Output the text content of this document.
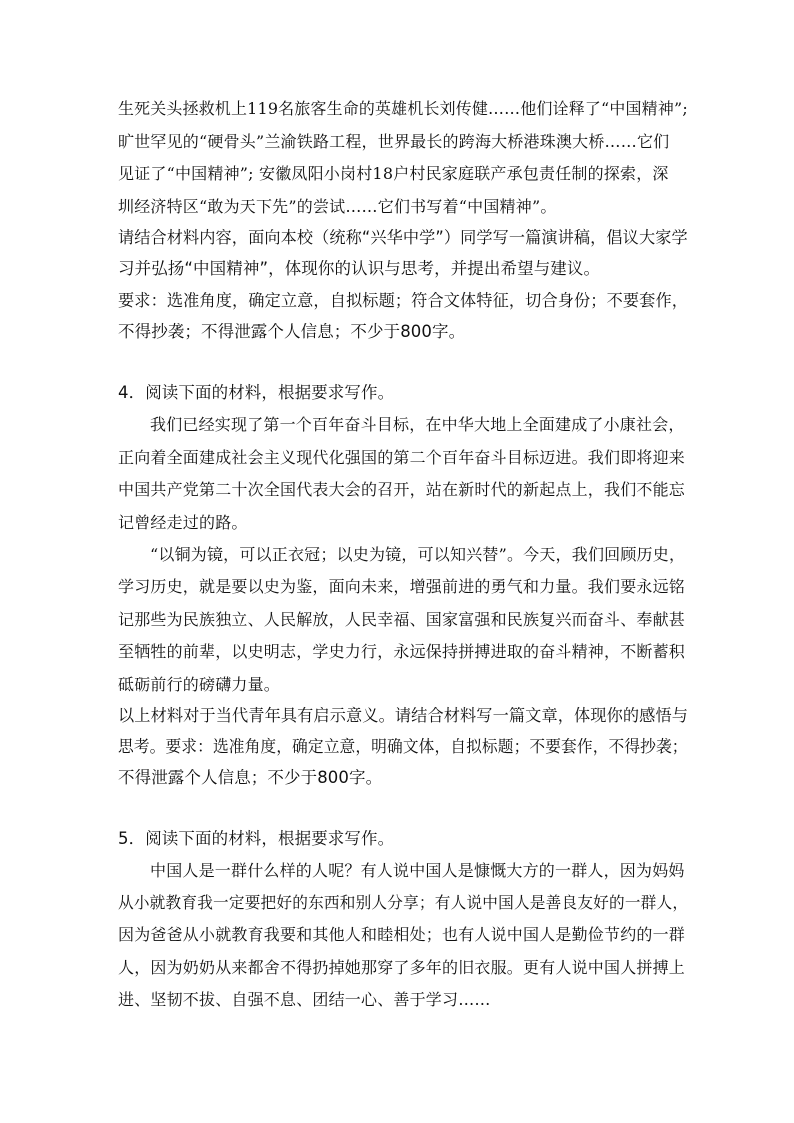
生死关头拯救机上119名旅客生命的英雄机长刘传健……他们诠释了“中国精神”;
旷世罕见的“硬骨头”兰渝铁路工程，世界最长的跨海大桥港珠澳大桥……它们
见证了“中国精神”; 安徽凤阳小岗村18户村民家庭联产承包责任制的探索，深
圳经济特区“敢为天下先”的尝试……它们书写着“中国精神”。
请结合材料内容，面向本校（统称“兴华中学”）同学写一篇演讲稿，倡议大家学
习并弘扬“中国精神”，体现你的认识与思考，并提出希望与建议。
要求：选准角度，确定立意，自拟标题；符合文体特征，切合身份；不要套作，
不得抄袭；不得泄露个人信息；不少于800字。
4．阅读下面的材料，根据要求写作。
我们已经实现了第一个百年奋斗目标，在中华大地上全面建成了小康社会，
正向着全面建成社会主义现代化强国的第二个百年奋斗目标迈进。我们即将迎来
中国共产党第二十次全国代表大会的召开，站在新时代的新起点上，我们不能忘
记曾经走过的路。
“以铜为镜，可以正衣冠；以史为镜，可以知兴替”。今天，我们回顾历史，
学习历史，就是要以史为鉴，面向未来，增强前进的勇气和力量。我们要永远铭
记那些为民族独立、人民解放，人民幸福、国家富强和民族复兴而奋斗、奉献甚
至牺牲的前辈，以史明志，学史力行，永远保持拼搏进取的奋斗精神，不断蓄积
砥砺前行的磅礴力量。
以上材料对于当代青年具有启示意义。请结合材料写一篇文章，体现你的感悟与
思考。要求：选准角度，确定立意，明确文体，自拟标题；不要套作，不得抄袭；
不得泄露个人信息；不少于800字。
5．阅读下面的材料，根据要求写作。
中国人是一群什么样的人呢？有人说中国人是慷慨大方的一群人，因为妈妈
从小就教育我一定要把好的东西和别人分享；有人说中国人是善良友好的一群人，
因为爸爸从小就教育我要和其他人和睦相处；也有人说中国人是勤俭节约的一群
人，因为奶奶从来都舍不得扔掉她那穿了多年的旧衣服。更有人说中国人拼搏上
进、坚韧不拔、自强不息、团结一心、善于学习……
